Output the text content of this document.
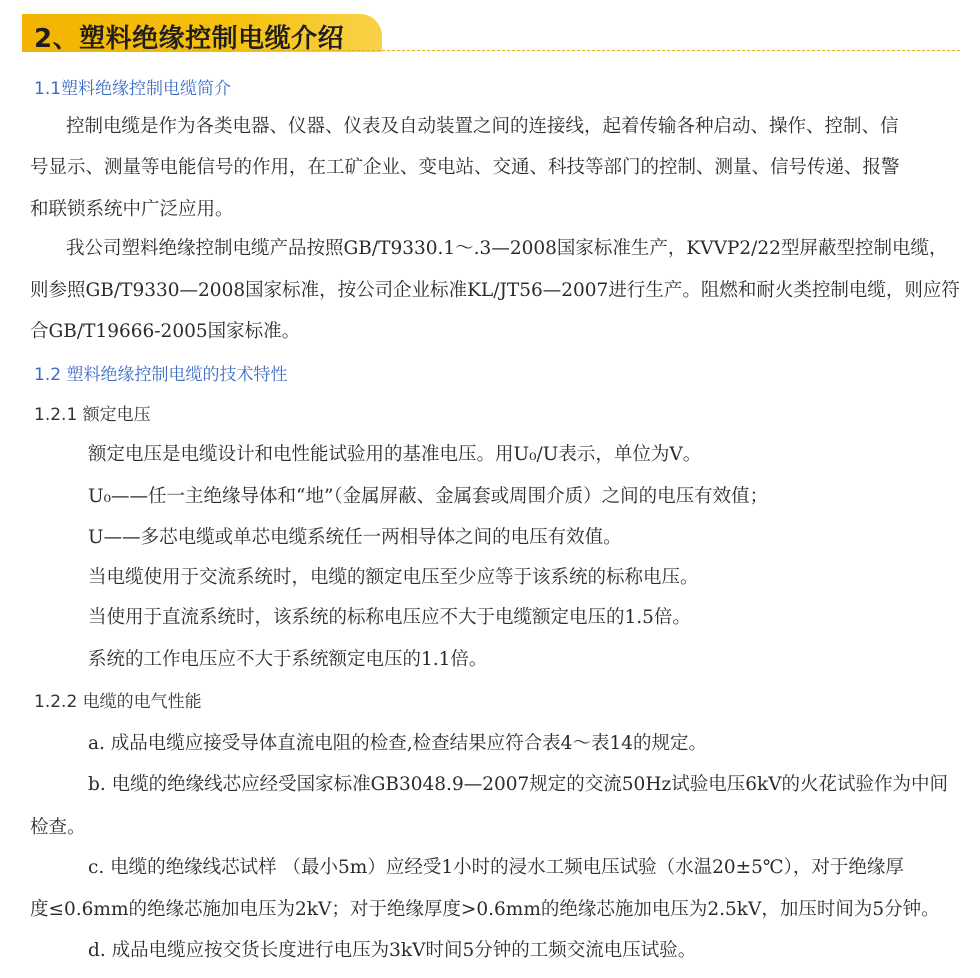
2、塑料绝缘控制电缆介绍
1.1塑料绝缘控制电缆简介
控制电缆是作为各类电器、仪器、仪表及自动装置之间的连接线，起着传输各种启动、操作、控制、信
号显示、测量等电能信号的作用，在工矿企业、变电站、交通、科技等部门的控制、测量、信号传递、报警
和联锁系统中广泛应用。
我公司塑料绝缘控制电缆产品按照GB/T9330.1～.3—2008国家标准生产，KVVP2/22型屏蔽型控制电缆，
则参照GB/T9330—2008国家标准，按公司企业标准KL/JT56—2007进行生产。阻燃和耐火类控制电缆，则应符
合GB/T19666-2005国家标准。
1.2 塑料绝缘控制电缆的技术特性
1.2.1 额定电压
额定电压是电缆设计和电性能试验用的基准电压。用U₀/U表示，单位为V。
U₀——任一主绝缘导体和“地”（金属屏蔽、金属套或周围介质）之间的电压有效值；
U——多芯电缆或单芯电缆系统任一两相导体之间的电压有效值。
当电缆使用于交流系统时，电缆的额定电压至少应等于该系统的标称电压。
当使用于直流系统时，该系统的标称电压应不大于电缆额定电压的1.5倍。
系统的工作电压应不大于系统额定电压的1.1倍。
1.2.2 电缆的电气性能
a. 成品电缆应接受导体直流电阻的检查,检查结果应符合表4～表14的规定。
b. 电缆的绝缘线芯应经受国家标准GB3048.9—2007规定的交流50Hz试验电压6kV的火花试验作为中间
检查。
c. 电缆的绝缘线芯试样 （最小5m）应经受1小时的浸水工频电压试验（水温20±5℃），对于绝缘厚
度≤0.6mm的绝缘芯施加电压为2kV；对于绝缘厚度>0.6mm的绝缘芯施加电压为2.5kV，加压时间为5分钟。
d. 成品电缆应按交货长度进行电压为3kV时间5分钟的工频交流电压试验。
